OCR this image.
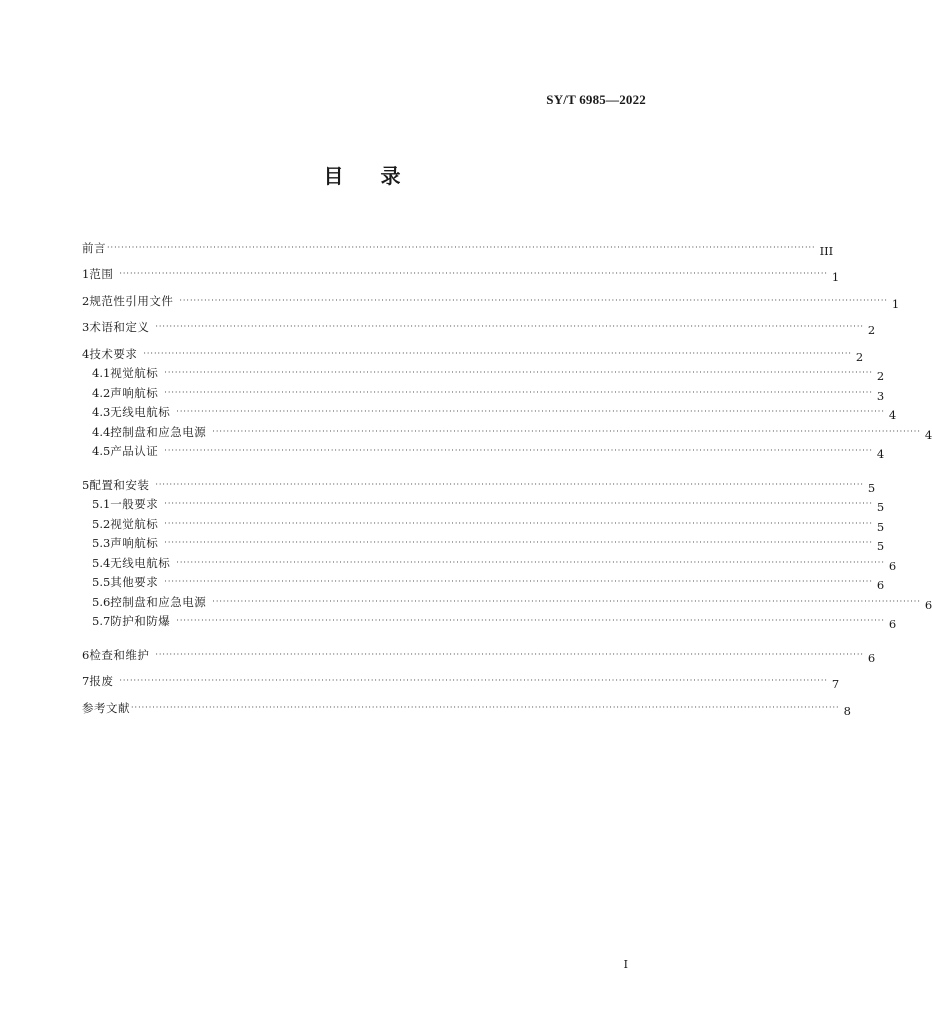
SY/T 6985—2022
目 录
前言 ········································································································································································································ III
1 范围 ········································································································································································································ 1
2 规范性引用文件 ········································································································································································································ 1
3 术语和定义 ········································································································································································································ 2
4 技术要求 ········································································································································································································ 2
4.1 视觉航标 ········································································································································································································ 2
4.2 声响航标 ········································································································································································································ 3
4.3 无线电航标 ········································································································································································································ 4
4.4 控制盘和应急电源 ········································································································································································································ 4
4.5 产品认证 ········································································································································································································ 4
5 配置和安装 ········································································································································································································ 5
5.1 一般要求 ········································································································································································································ 5
5.2 视觉航标 ········································································································································································································ 5
5.3 声响航标 ········································································································································································································ 5
5.4 无线电航标 ········································································································································································································ 6
5.5 其他要求 ········································································································································································································ 6
5.6 控制盘和应急电源 ········································································································································································································ 6
5.7 防护和防爆 ········································································································································································································ 6
6 检查和维护 ········································································································································································································ 6
7 报废 ········································································································································································································ 7
参考文献 ········································································································································································································ 8
I
